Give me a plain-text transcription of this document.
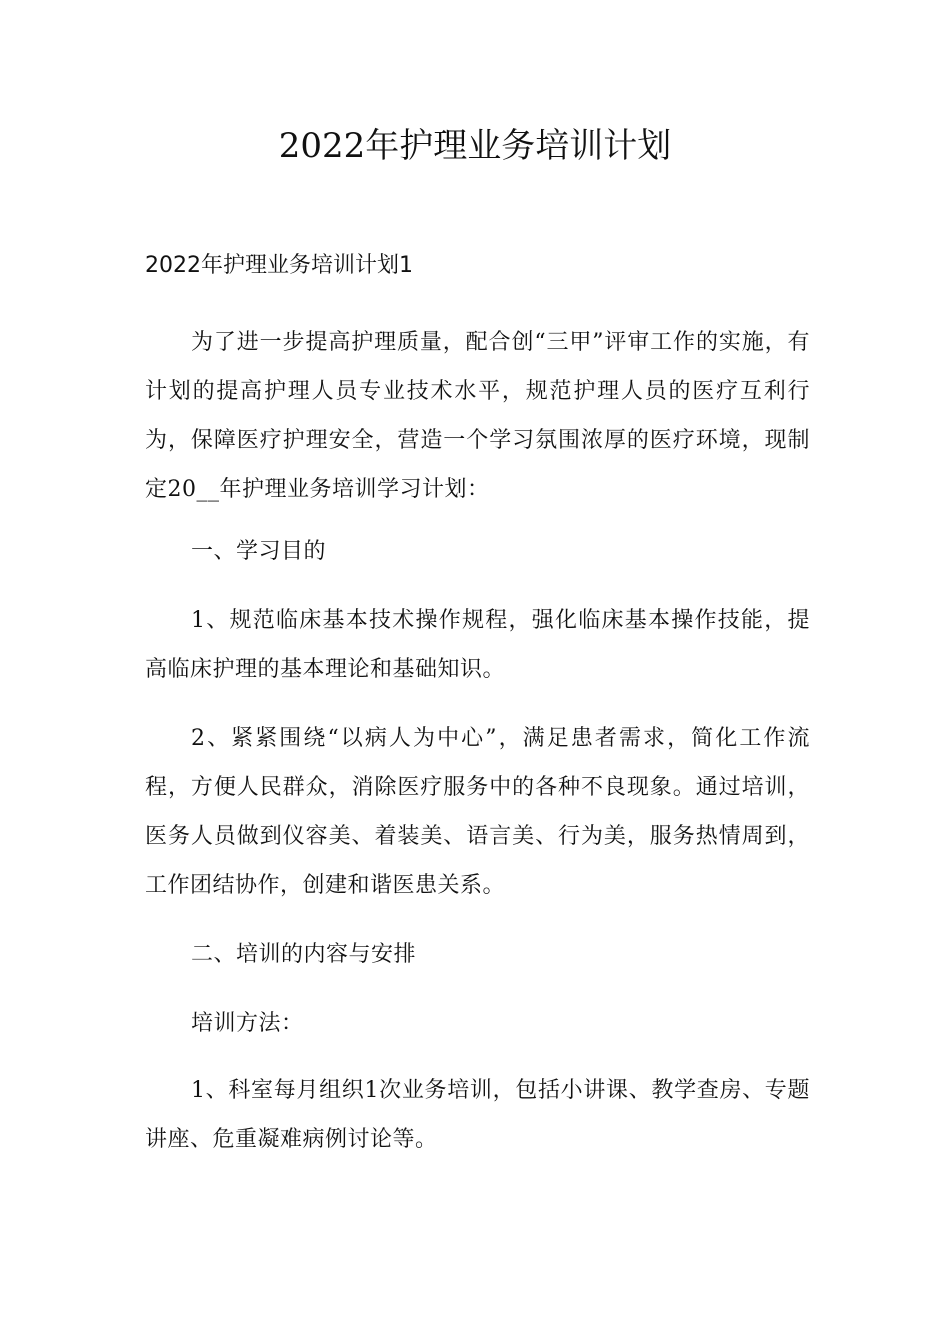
2022年护理业务培训计划
2022年护理业务培训计划1

为了进一步提高护理质量，配合创“三甲”评审工作的实施，有计划的提高护理人员专业技术水平，规范护理人员的医疗互利行为，保障医疗护理安全，营造一个学习氛围浓厚的医疗环境，现制定20__年护理业务培训学习计划：

一、学习目的

1、规范临床基本技术操作规程，强化临床基本操作技能，提高临床护理的基本理论和基础知识。

2、紧紧围绕“以病人为中心”，满足患者需求，简化工作流程，方便人民群众，消除医疗服务中的各种不良现象。通过培训，医务人员做到仪容美、着装美、语言美、行为美，服务热情周到，工作团结协作，创建和谐医患关系。

二、培训的内容与安排

培训方法：

1、科室每月组织1次业务培训，包括小讲课、教学查房、专题讲座、危重凝难病例讨论等。
